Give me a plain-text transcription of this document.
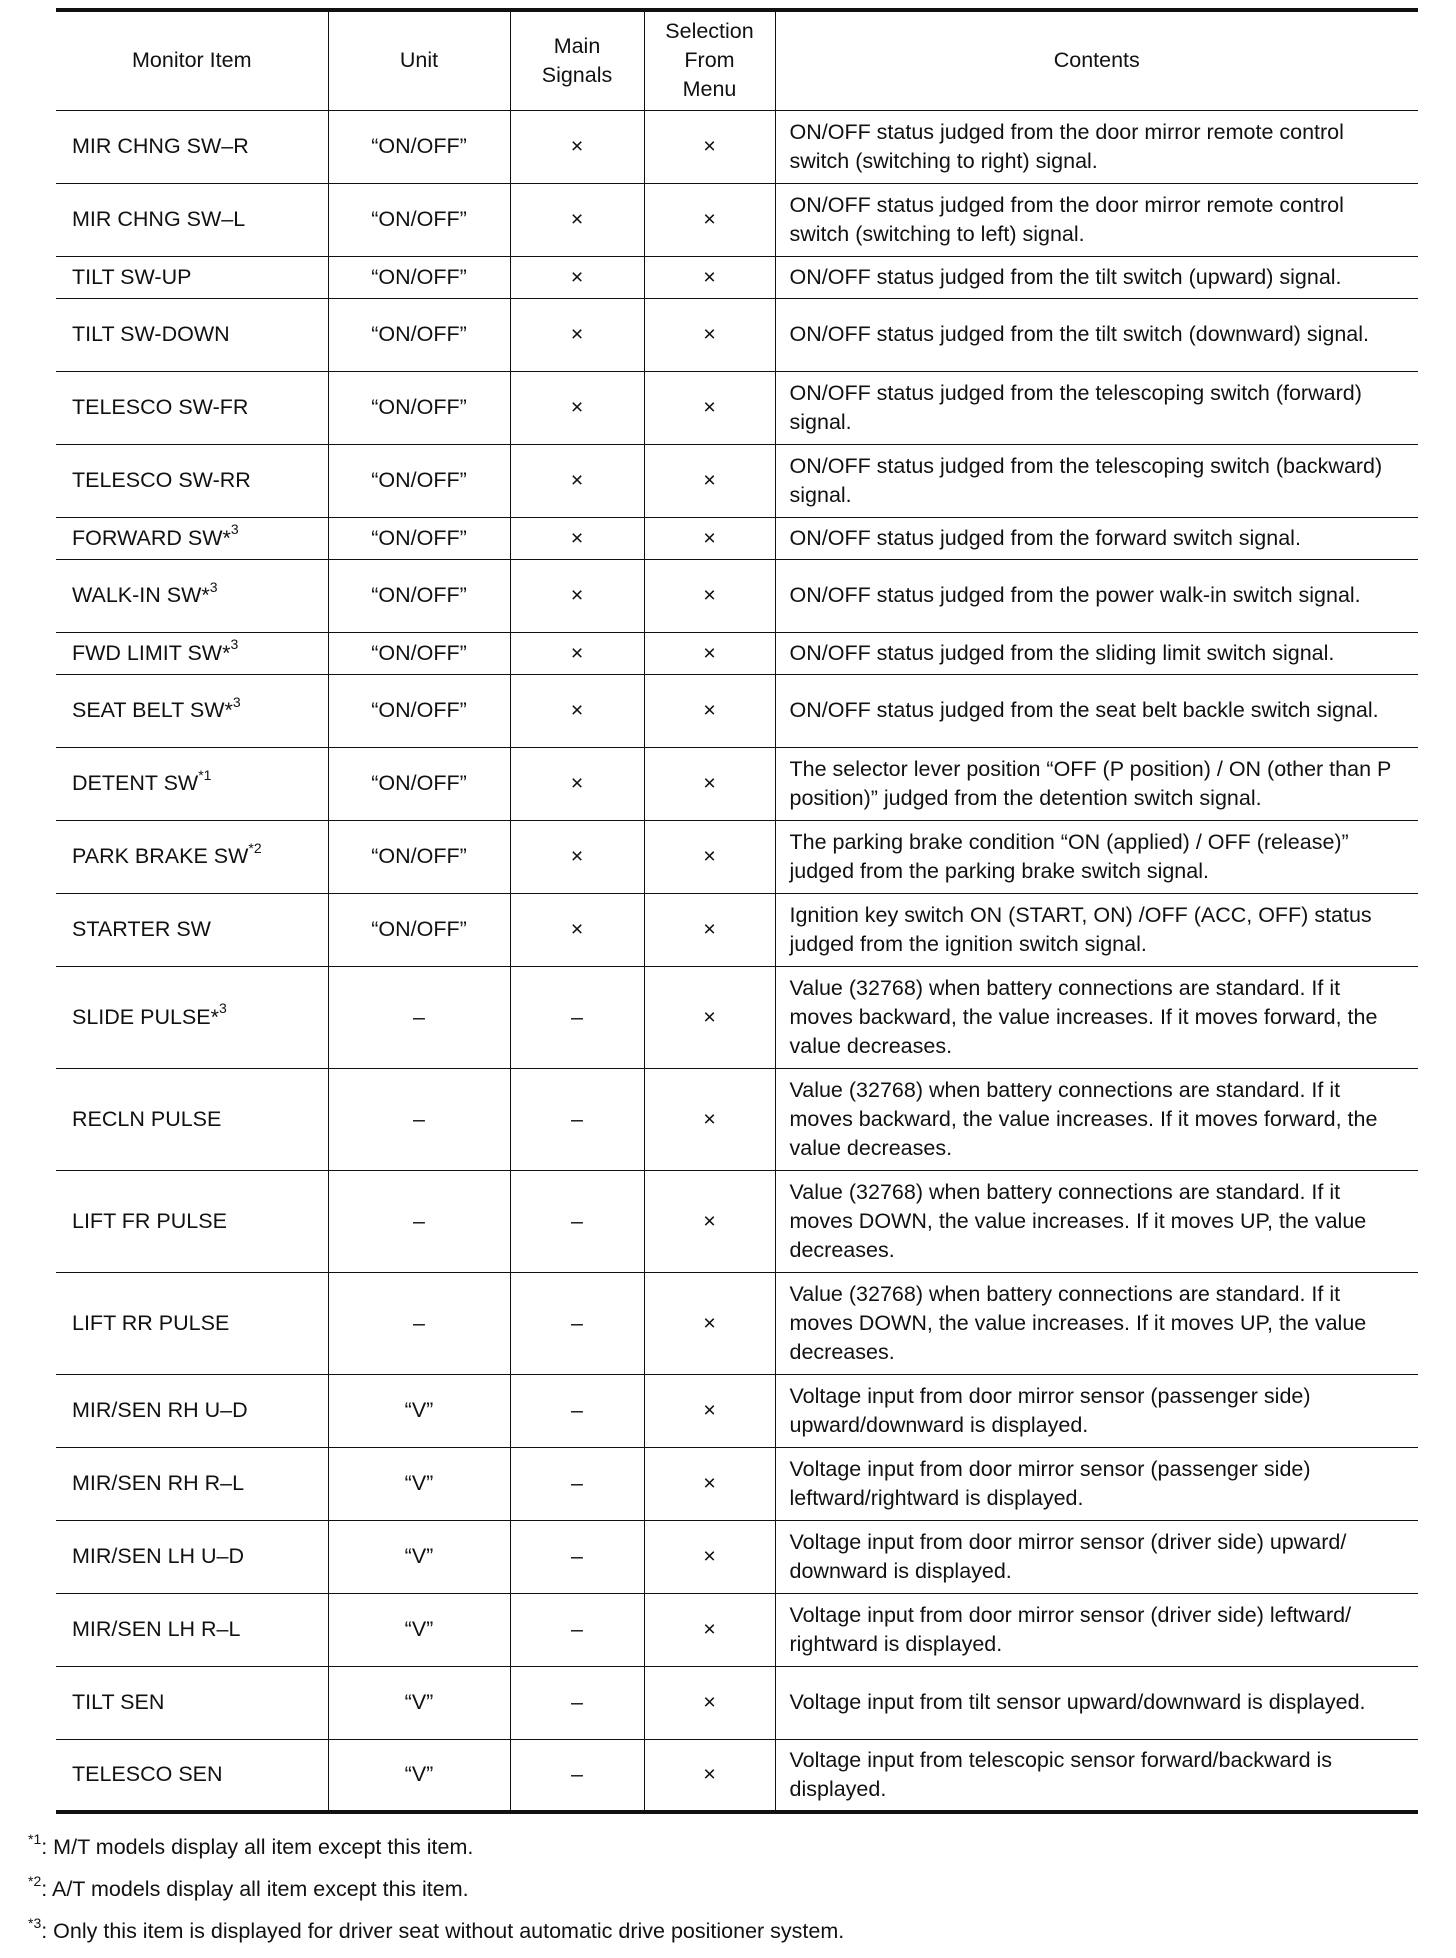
Monitor Item	Unit	Main Signals	Selection From Menu	Contents
MIR CHNG SW–R	“ON/OFF”	×	×	ON/OFF status judged from the door mirror remote control switch (switching to right) signal.
MIR CHNG SW–L	“ON/OFF”	×	×	ON/OFF status judged from the door mirror remote control switch (switching to left) signal.
TILT SW-UP	“ON/OFF”	×	×	ON/OFF status judged from the tilt switch (upward) signal.
TILT SW-DOWN	“ON/OFF”	×	×	ON/OFF status judged from the tilt switch (downward) signal.
TELESCO SW-FR	“ON/OFF”	×	×	ON/OFF status judged from the telescoping switch (forward) signal.
TELESCO SW-RR	“ON/OFF”	×	×	ON/OFF status judged from the telescoping switch (backward) signal.
FORWARD SW*$^3$	“ON/OFF”	×	×	ON/OFF status judged from the forward switch signal.
WALK-IN SW*$^3$	“ON/OFF”	×	×	ON/OFF status judged from the power walk-in switch signal.
FWD LIMIT SW*$^3$	“ON/OFF”	×	×	ON/OFF status judged from the sliding limit switch signal.
SEAT BELT SW*$^3$	“ON/OFF”	×	×	ON/OFF status judged from the seat belt backle switch signal.
DETENT SW$^{*1}$	“ON/OFF”	×	×	The selector lever position “OFF (P position) / ON (other than P position)” judged from the detention switch signal.
PARK BRAKE SW$^{*2}$	“ON/OFF”	×	×	The parking brake condition “ON (applied) / OFF (release)” judged from the parking brake switch signal.
STARTER SW	“ON/OFF”	×	×	Ignition key switch ON (START, ON) /OFF (ACC, OFF) status judged from the ignition switch signal.
SLIDE PULSE*$^3$	–	–	×	Value (32768) when battery connections are standard. If it moves backward, the value increases. If it moves forward, the value decreases.
RECLN PULSE	–	–	×	Value (32768) when battery connections are standard. If it moves backward, the value increases. If it moves forward, the value decreases.
LIFT FR PULSE	–	–	×	Value (32768) when battery connections are standard. If it moves DOWN, the value increases. If it moves UP, the value decreases.
LIFT RR PULSE	–	–	×	Value (32768) when battery connections are standard. If it moves DOWN, the value increases. If it moves UP, the value decreases.
MIR/SEN RH U–D	“V”	–	×	Voltage input from door mirror sensor (passenger side) upward/downward is displayed.
MIR/SEN RH R–L	“V”	–	×	Voltage input from door mirror sensor (passenger side) leftward/rightward is displayed.
MIR/SEN LH U–D	“V”	–	×	Voltage input from door mirror sensor (driver side) upward/ downward is displayed.
MIR/SEN LH R–L	“V”	–	×	Voltage input from door mirror sensor (driver side) leftward/ rightward is displayed.
TILT SEN	“V”	–	×	Voltage input from tilt sensor upward/downward is displayed.
TELESCO SEN	“V”	–	×	Voltage input from telescopic sensor forward/backward is displayed.
$^{*1}$: M/T models display all item except this item.
$^{*2}$: A/T models display all item except this item.
$^{*3}$: Only this item is displayed for driver seat without automatic drive positioner system.
